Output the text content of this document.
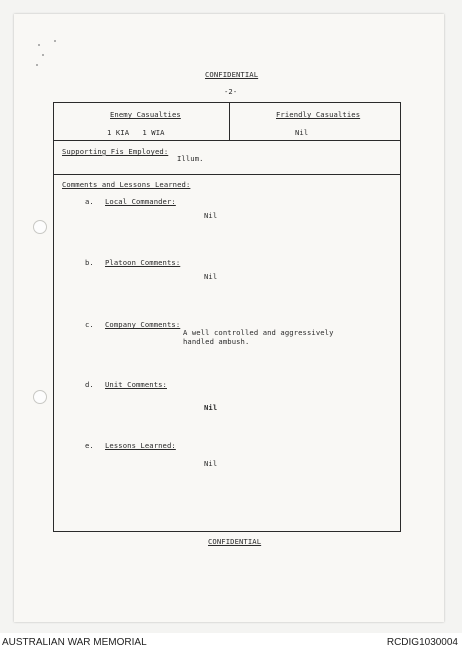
CONFIDENTIAL
-2-
Enemy Casualties
1 KIA   1 WIA
Friendly Casualties
Nil
Supporting Fis Employed:
Illum.
Comments and Lessons Learned:
a. Local Commander:
Nil
b. Platoon Comments:
Nil
c. Company Comments:
A well controlled and aggressively
handled ambush.
d. Unit Comments:
Nil
e. Lessons Learned:
Nil
CONFIDENTIAL
AUSTRALIAN WAR MEMORIAL	RCDIG1030004
